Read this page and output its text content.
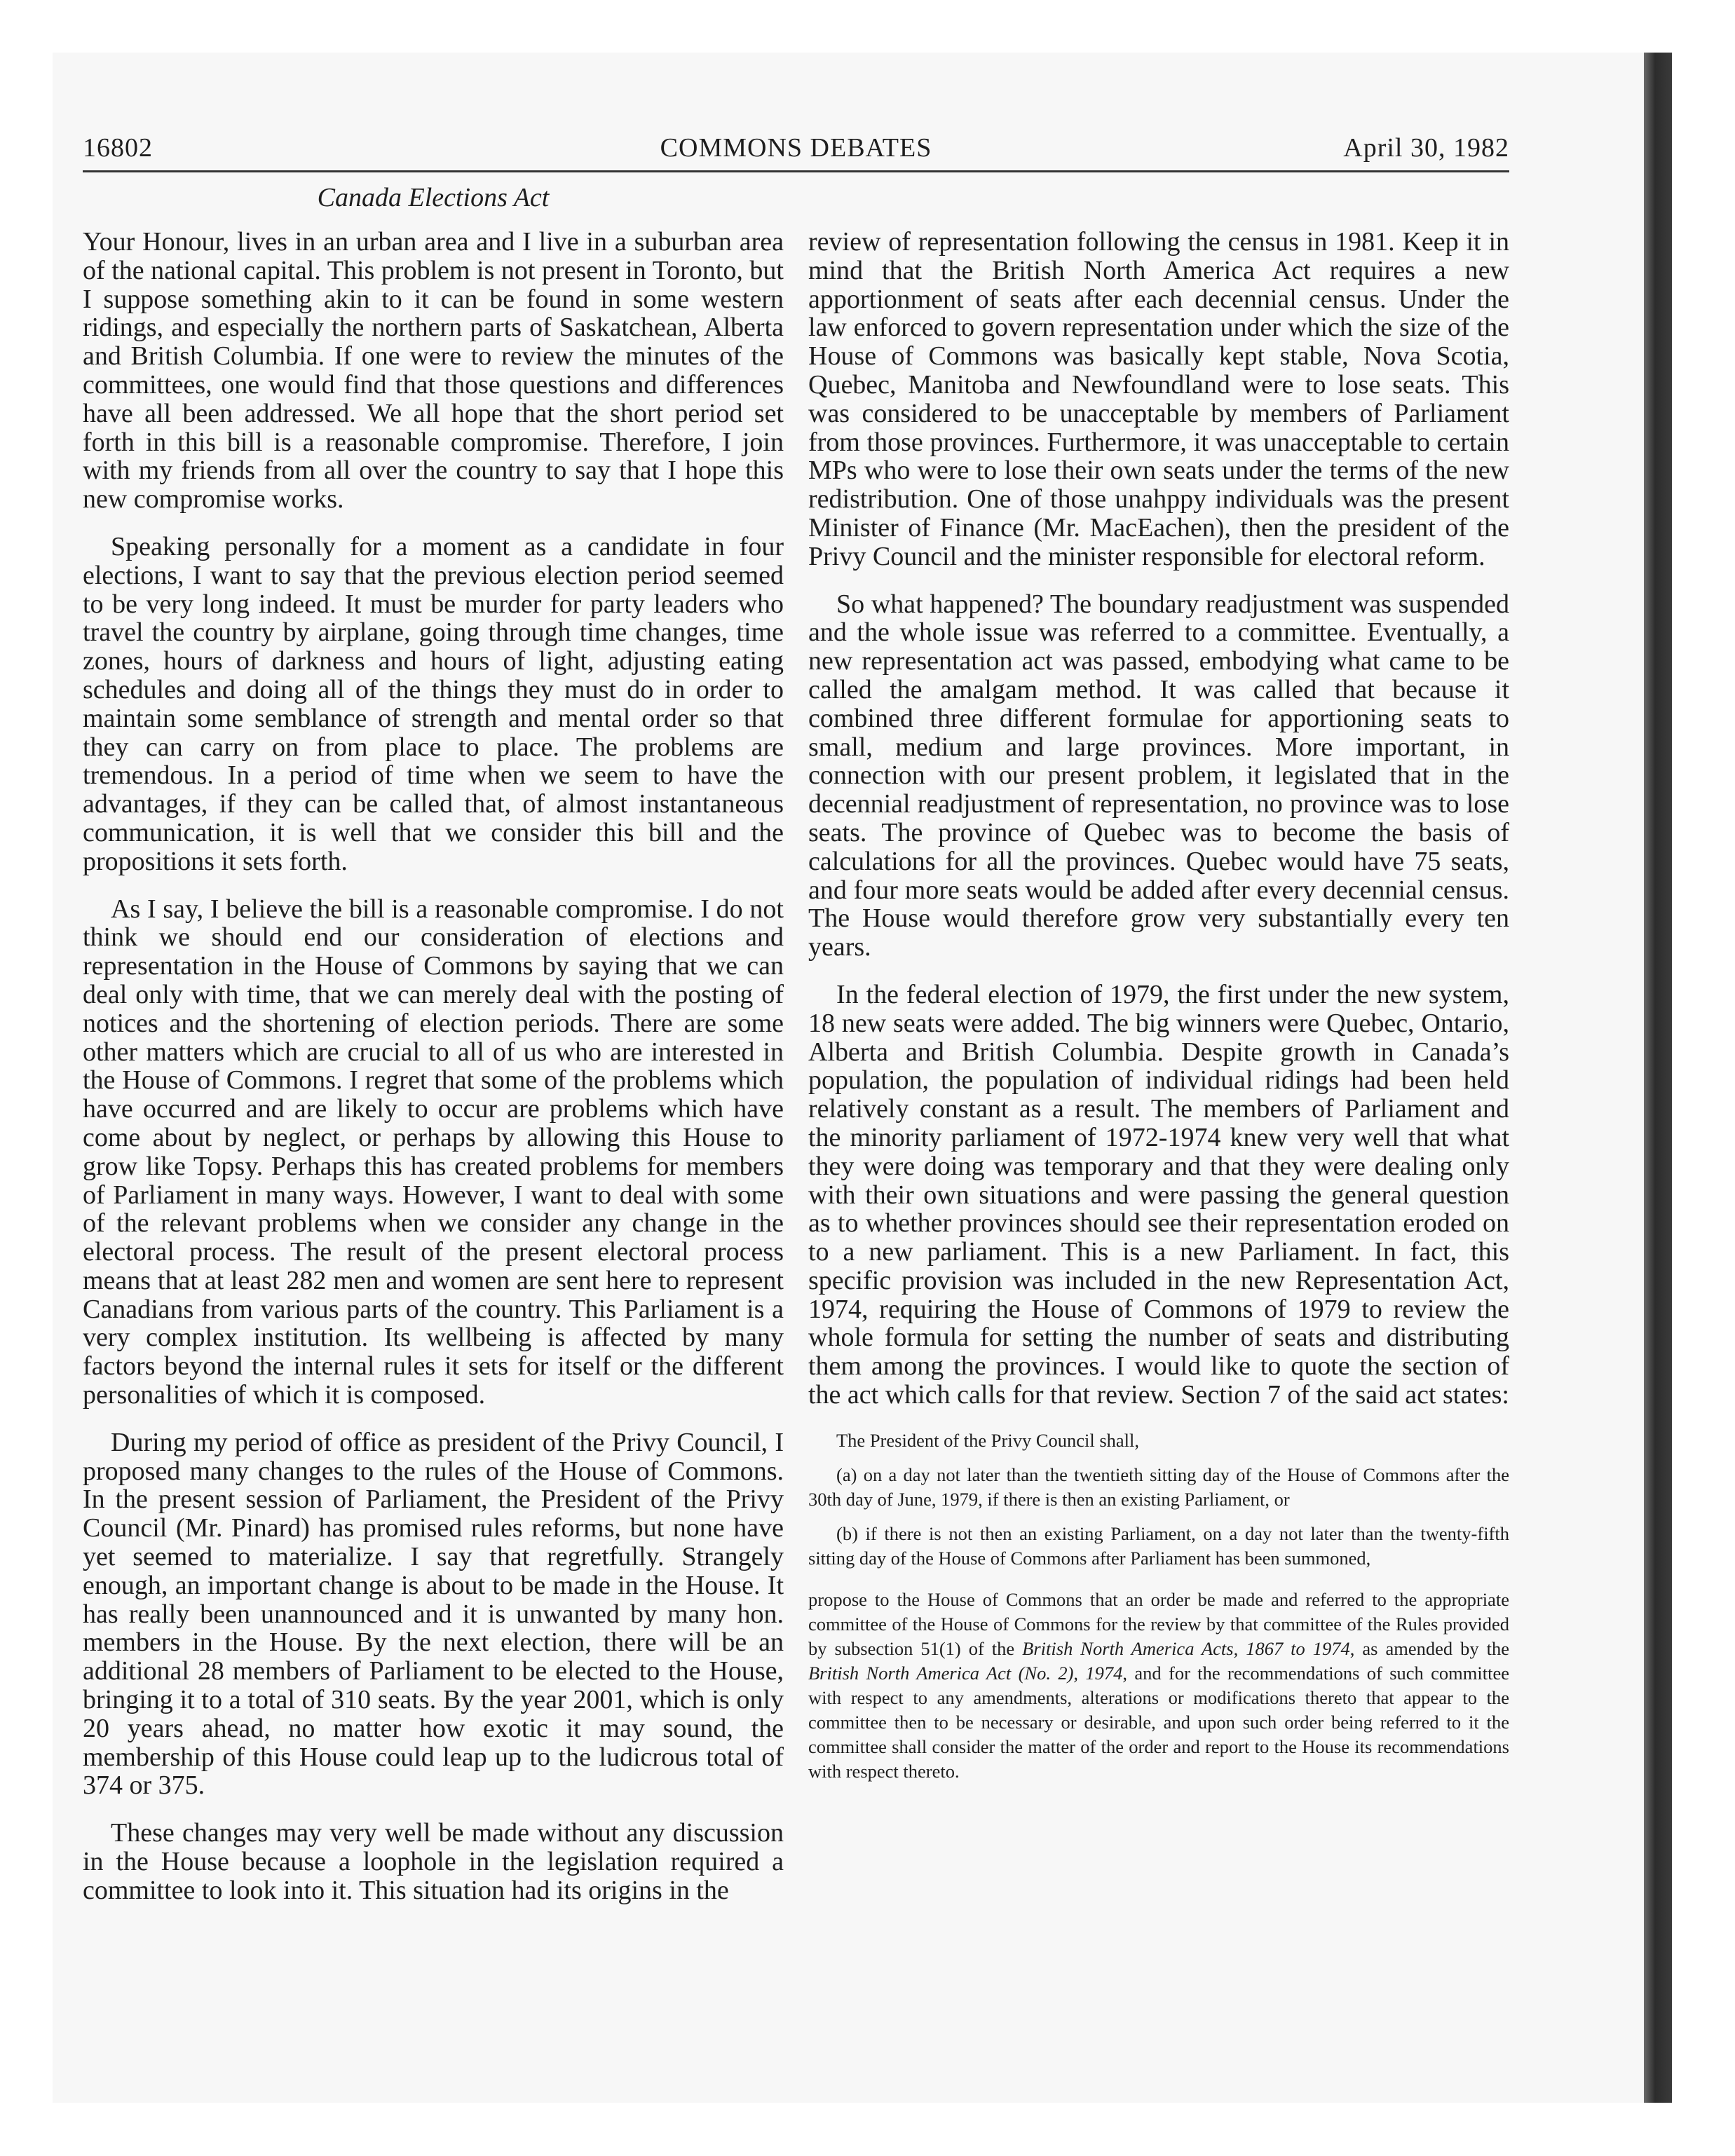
16802	COMMONS DEBATES	April 30, 1982
Canada Elections Act

Your Honour, lives in an urban area and I live in a suburban area of the national capital. This problem is not present in Toronto, but I suppose something akin to it can be found in some western ridings, and especially the northern parts of Saskatchean, Alberta and British Columbia. If one were to review the minutes of the committees, one would find that those questions and differences have all been addressed. We all hope that the short period set forth in this bill is a reasonable compromise. Therefore, I join with my friends from all over the country to say that I hope this new compromise works.

Speaking personally for a moment as a candidate in four elections, I want to say that the previous election period seemed to be very long indeed. It must be murder for party leaders who travel the country by airplane, going through time changes, time zones, hours of darkness and hours of light, adjusting eating schedules and doing all of the things they must do in order to maintain some semblance of strength and mental order so that they can carry on from place to place. The problems are tremendous. In a period of time when we seem to have the advantages, if they can be called that, of almost instantaneous communication, it is well that we consider this bill and the propositions it sets forth.

As I say, I believe the bill is a reasonable compromise. I do not think we should end our consideration of elections and representation in the House of Commons by saying that we can deal only with time, that we can merely deal with the posting of notices and the shortening of election periods. There are some other matters which are crucial to all of us who are interested in the House of Commons. I regret that some of the problems which have occurred and are likely to occur are problems which have come about by neglect, or perhaps by allowing this House to grow like Topsy. Perhaps this has created problems for members of Parliament in many ways. However, I want to deal with some of the relevant problems when we consider any change in the electoral process. The result of the present electoral process means that at least 282 men and women are sent here to represent Canadians from various parts of the country. This Parliament is a very complex institution. Its wellbeing is affected by many factors beyond the internal rules it sets for itself or the different personalities of which it is composed.

During my period of office as president of the Privy Council, I proposed many changes to the rules of the House of Commons. In the present session of Parliament, the President of the Privy Council (Mr. Pinard) has promised rules reforms, but none have yet seemed to materialize. I say that regretfully. Strangely enough, an important change is about to be made in the House. It has really been unannounced and it is unwanted by many hon. members in the House. By the next election, there will be an additional 28 members of Parliament to be elected to the House, bringing it to a total of 310 seats. By the year 2001, which is only 20 years ahead, no matter how exotic it may sound, the membership of this House could leap up to the ludicrous total of 374 or 375.

These changes may very well be made without any discussion in the House because a loophole in the legislation required a committee to look into it. This situation had its origins in the

review of representation following the census in 1981. Keep it in mind that the British North America Act requires a new apportionment of seats after each decennial census. Under the law enforced to govern representation under which the size of the House of Commons was basically kept stable, Nova Scotia, Quebec, Manitoba and Newfoundland were to lose seats. This was considered to be unacceptable by members of Parliament from those provinces. Furthermore, it was unacceptable to certain MPs who were to lose their own seats under the terms of the new redistribution. One of those unahppy individuals was the present Minister of Finance (Mr. MacEachen), then the president of the Privy Council and the minister responsible for electoral reform.

So what happened? The boundary readjustment was suspended and the whole issue was referred to a committee. Eventually, a new representation act was passed, embodying what came to be called the amalgam method. It was called that because it combined three different formulae for apportioning seats to small, medium and large provinces. More important, in connection with our present problem, it legislated that in the decennial readjustment of representation, no province was to lose seats. The province of Quebec was to become the basis of calculations for all the provinces. Quebec would have 75 seats, and four more seats would be added after every decennial census. The House would therefore grow very substantially every ten years.

In the federal election of 1979, the first under the new system, 18 new seats were added. The big winners were Quebec, Ontario, Alberta and British Columbia. Despite growth in Canada’s population, the population of individual ridings had been held relatively constant as a result. The members of Parliament and the minority parliament of 1972-1974 knew very well that what they were doing was temporary and that they were dealing only with their own situations and were passing the general question as to whether provinces should see their representation eroded on to a new parliament. This is a new Parliament. In fact, this specific provision was included in the new Representation Act, 1974, requiring the House of Commons of 1979 to review the whole formula for setting the number of seats and distributing them among the provinces. I would like to quote the section of the act which calls for that review. Section 7 of the said act states:

The President of the Privy Council shall,

(a) on a day not later than the twentieth sitting day of the House of Commons after the 30th day of June, 1979, if there is then an existing Parliament, or

(b) if there is not then an existing Parliament, on a day not later than the twenty-fifth sitting day of the House of Commons after Parliament has been summoned,

propose to the House of Commons that an order be made and referred to the appropriate committee of the House of Commons for the review by that committee of the Rules provided by subsection 51(1) of the British North America Acts, 1867 to 1974, as amended by the British North America Act (No. 2), 1974, and for the recommendations of such committee with respect to any amendments, alterations or modifications thereto that appear to the committee then to be necessary or desirable, and upon such order being referred to it the committee shall consider the matter of the order and report to the House its recommendations with respect thereto.
